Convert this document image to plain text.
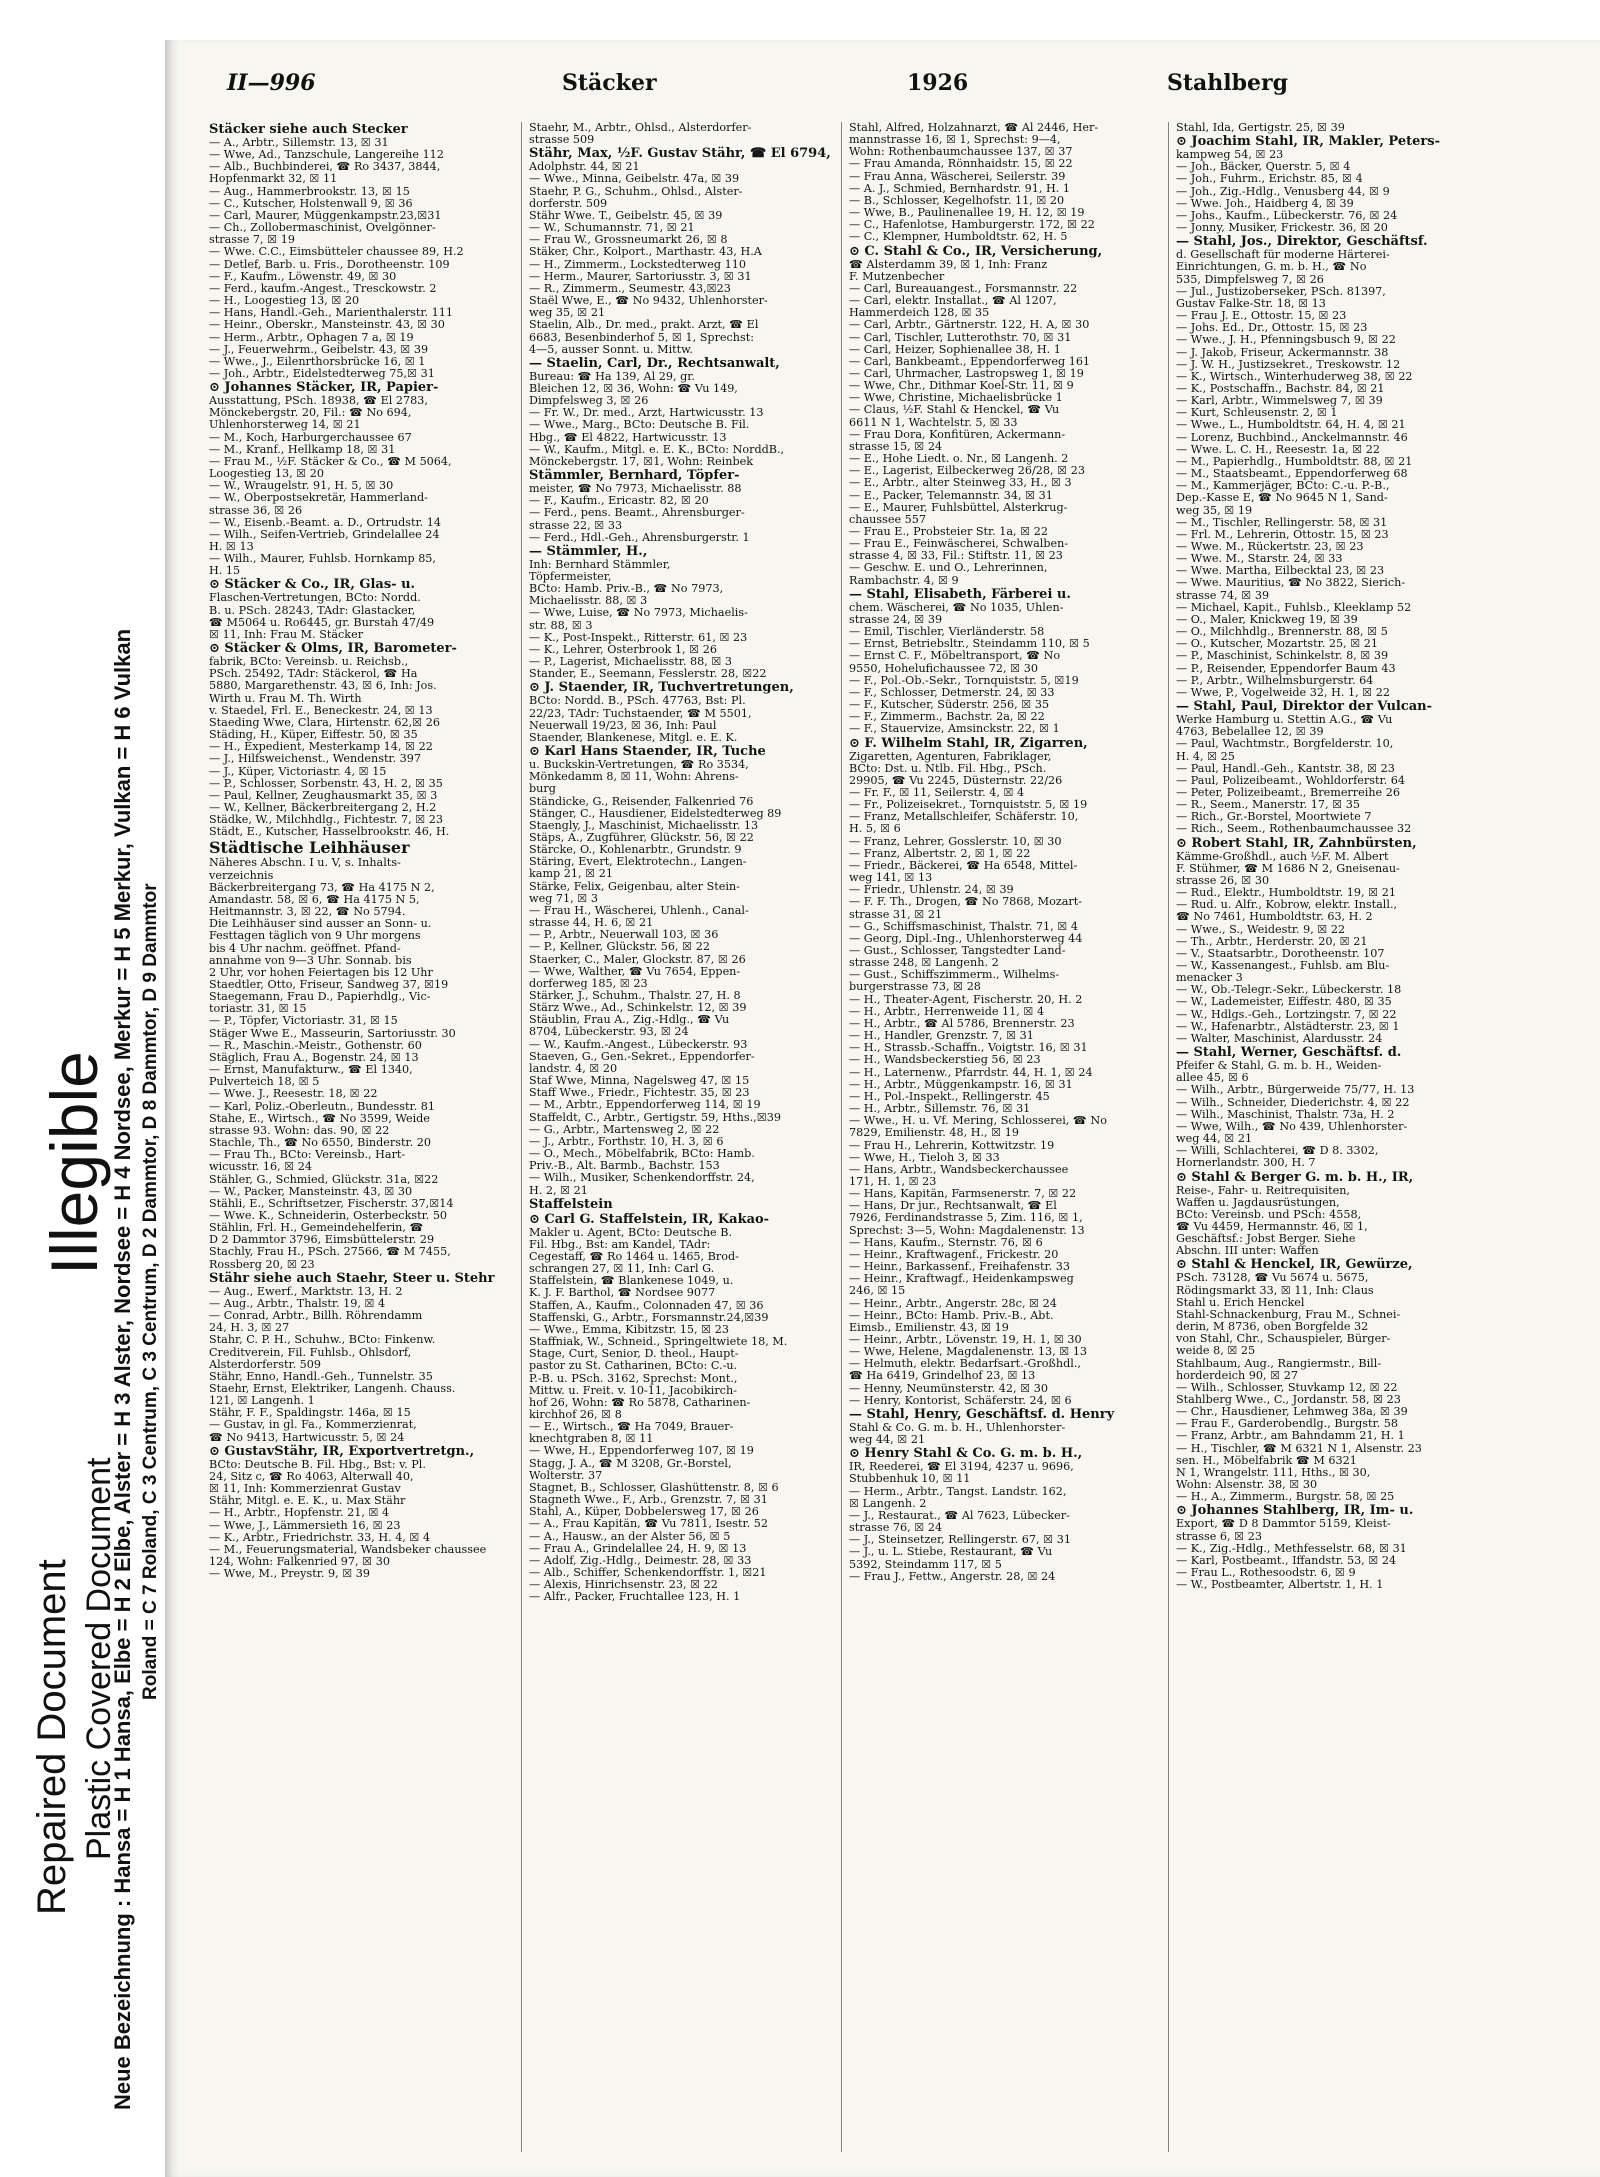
Repaired Document Plastic Covered Document
Illegible Neue Bezeichnung : Hansa = H 1 Hansa, Elbe = H 2 Elbe, Alster = H 3 Alster, Nordsee = H 4 Nordsee, Merkur = H 5 Merkur, Vulkan = H 6 Vulkan Roland = C 7 Roland, C 3 Centrum, C 3 Centrum, D 2 Dammtor, D 8 Dammtor, D 9 Dammtor
II—996	Stäcker	1926	Stahlberg
Stäcker siehe auch Stecker
— A., Arbtr., Sillemstr. 13, ☒ 31
— Wwe, Ad., Tanzschule, Langereihe 112
— Alb., Buchbinderei, ☎ Ro 3437, 3844,
Hopfenmarkt 32, ☒ 11
— Aug., Hammerbrookstr. 13, ☒ 15
— C., Kutscher, Holstenwall 9, ☒ 36
— Carl, Maurer, Müggenkampstr.23,☒31
— Ch., Zollobermaschinist, Ovelgönner-
strasse 7, ☒ 19
— Wwe. C.C., Eimsbütteler chaussee 89, H.2
— Detlef, Barb. u. Fris., Dorotheenstr. 109
— F., Kaufm., Löwenstr. 49, ☒ 30
— Ferd., kaufm.-Angest., Tresckowstr. 2
— H., Loogestieg 13, ☒ 20
— Hans, Handl.-Geh., Marienthalerstr. 111
— Heinr., Oberskr., Mansteinstr. 43, ☒ 30
— Herm., Arbtr., Ophagen 7 a, ☒ 19
— J., Feuerwehrm., Geibelstr. 43, ☒ 39
— Wwe., J., Eilenrthorsbrücke 16, ☒ 1
— Joh., Arbtr., Eidelstedterweg 75,☒ 31
⊙ Johannes Stäcker, IR, Papier-
Ausstattung, PSch. 18938, ☎ El 2783,
Mönckebergstr. 20, Fil.: ☎ No 694,
Uhlenhorsterweg 14, ☒ 21
— M., Koch, Harburgerchaussee 67
— M., Kranf., Hellkamp 18, ☒ 31
— Frau M., ½F. Stäcker & Co., ☎ M 5064,
Loogestieg 13, ☒ 20
— W., Wraugelstr. 91, H. 5, ☒ 30
— W., Oberpostsekretär, Hammerland-
strasse 36, ☒ 26
— W., Eisenb.-Beamt. a. D., Ortrudstr. 14
— Wilh., Seifen-Vertrieb, Grindelallee 24
H. ☒ 13
— Wilh., Maurer, Fuhlsb. Hornkamp 85,
H. 15
⊙ Stäcker & Co., IR, Glas- u.
Flaschen-Vertretungen, BCto: Nordd.
B. u. PSch. 28243, TAdr: Glastacker,
☎ M5064 u. Ro6445, gr. Burstah 47/49
☒ 11, Inh: Frau M. Stäcker
⊙ Stäcker & Olms, IR, Barometer-
fabrik, BCto: Vereinsb. u. Reichsb.,
PSch. 25492, TAdr: Stäckerol, ☎ Ha
5880, Margarethenstr. 43, ☒ 6, Inh: Jos.
Wirth u. Frau M. Th. Wirth
v. Staedel, Frl. E., Beneckestr. 24, ☒ 13
Staeding Wwe, Clara, Hirtenstr. 62,☒ 26
Städing, H., Küper, Eiffestr. 50, ☒ 35
— H., Expedient, Mesterkamp 14, ☒ 22
— J., Hilfsweichenst., Wendenstr. 397
— J., Küper, Victoriastr. 4, ☒ 15
— P., Schlosser, Sorbenstr. 43, H. 2, ☒ 35
— Paul, Kellner, Zeughausmarkt 35, ☒ 3
— W., Kellner, Bäckerbreitergang 2, H.2
Städke, W., Milchhdlg., Fichtestr. 7, ☒ 23
Städt, E., Kutscher, Hasselbrookstr. 46, H.
Städtische Leihhäuser
Näheres Abschn. I u. V, s. Inhalts-
verzeichnis
Bäckerbreitergang 73, ☎ Ha 4175 N 2,
Amandastr. 58, ☒ 6, ☎ Ha 4175 N 5,
Heitmannstr. 3, ☒ 22, ☎ No 5794.
Die Leihhäuser sind ausser an Sonn- u.
Festtagen täglich von 9 Uhr morgens
bis 4 Uhr nachm. geöffnet. Pfand-
annahme von 9—3 Uhr. Sonnab. bis
2 Uhr, vor hohen Feiertagen bis 12 Uhr
Staedtler, Otto, Friseur, Sandweg 37, ☒19
Staegemann, Frau D., Papierhdlg., Vic-
toriastr. 31, ☒ 15
— P., Töpfer, Victoriastr. 31, ☒ 15
Stäger Wwe E., Masseurin, Sartoriusstr. 30
— R., Maschin.-Meistr., Gothenstr. 60
Stäglich, Frau A., Bogenstr. 24, ☒ 13
— Ernst, Manufakturw., ☎ El 1340,
Pulverteich 18, ☒ 5
— Wwe. J., Reesestr. 18, ☒ 22
— Karl, Poliz.-Oberleutn., Bundesstr. 81
Stahe, E., Wirtsch., ☎ No 3599, Weide
strasse 93. Wohn: das. 90, ☒ 22
Stachle, Th., ☎ No 6550, Binderstr. 20
— Frau Th., BCto: Vereinsb., Hart-
wicusstr. 16, ☒ 24
Stähler, G., Schmied, Glückstr. 31a, ☒22
— W., Packer, Mansteinstr. 43, ☒ 30
Stähli, E., Schriftsetzer, Fischerstr. 37,☒14
— Wwe. K., Schneiderin, Osterbeckstr. 50
Stählin, Frl. H., Gemeindehelferin, ☎
D 2 Dammtor 3796, Eimsbüttelerstr. 29
Stachly, Frau H., PSch. 27566, ☎ M 7455,
Rossberg 20, ☒ 23
Stähr siehe auch Staehr, Steer u. Stehr
— Aug., Ewerf., Marktstr. 13, H. 2
— Aug., Arbtr., Thalstr. 19, ☒ 4
— Conrad, Arbtr., Billh. Röhrendamm
24, H. 3, ☒ 27
Stahr, C. P. H., Schuhw., BCto: Finkenw.
Creditverein, Fil. Fuhlsb., Ohlsdorf,
Alsterdorferstr. 509
Stähr, Enno, Handl.-Geh., Tunnelstr. 35
Staehr, Ernst, Elektriker, Langenh. Chauss.
121, ☒ Langenh. 1
Stähr, F. F., Spaldingstr. 146a, ☒ 15
— Gustav, in gl. Fa., Kommerzienrat,
☎ No 9413, Hartwicusstr. 5, ☒ 24
⊙ GustavStähr, IR, Exportvertretgn.,
BCto: Deutsche B. Fil. Hbg., Bst: v. Pl.
24, Sitz c, ☎ Ro 4063, Alterwall 40,
☒ 11, Inh: Kommerzienrat Gustav
Stähr, Mitgl. e. E. K., u. Max Stähr
— H., Arbtr., Hopfenstr. 21, ☒ 4
— Wwe, J., Lämmersieth 16, ☒ 23
— K., Arbtr., Friedrichstr. 33, H. 4, ☒ 4
— M., Feuerungsmaterial, Wandsbeker chaussee
124, Wohn: Falkenried 97, ☒ 30
— Wwe, M., Preystr. 9, ☒ 39
Staehr, M., Arbtr., Ohlsd., Alsterdorfer-
strasse 509
Stähr, Max, ½F. Gustav Stähr, ☎ El 6794,
Adolphstr. 44, ☒ 21
— Wwe., Minna, Geibelstr. 47a, ☒ 39
Staehr, P. G., Schuhm., Ohlsd., Alster-
dorferstr. 509
Stähr Wwe. T., Geibelstr. 45, ☒ 39
— W., Schumannstr. 71, ☒ 21
— Frau W., Grossneumarkt 26, ☒ 8
Stäker, Chr., Kolport., Marthastr. 43, H.A
— H., Zimmerm., Lockstedterweg 110
— Herm., Maurer, Sartoriusstr. 3, ☒ 31
— R., Zimmerm., Seumestr. 43,☒23
Staël Wwe, E., ☎ No 9432, Uhlenhorster-
weg 35, ☒ 21
Staelin, Alb., Dr. med., prakt. Arzt, ☎ El
6683, Besenbinderhof 5, ☒ 1, Sprechst:
4—5, ausser Sonnt. u. Mittw.
— Staelin, Carl, Dr., Rechtsanwalt,
Bureau: ☎ Ha 139, Al 29, gr.
Bleichen 12, ☒ 36, Wohn: ☎ Vu 149,
Dimpfelsweg 3, ☒ 26
— Fr. W., Dr. med., Arzt, Hartwicusstr. 13
— Wwe., Marg., BCto: Deutsche B. Fil.
Hbg., ☎ El 4822, Hartwicusstr. 13
— W., Kaufm., Mitgl. e. E. K., BCto: NorddB.,
Mönckebergstr. 17, ☒1, Wohn: Reinbek
Stämmler, Bernhard, Töpfer-
meister, ☎ No 7973, Michaelisstr. 88
— F., Kaufm., Ericastr. 82, ☒ 20
— Ferd., pens. Beamt., Ahrensburger-
strasse 22, ☒ 33
— Ferd., Hdl.-Geh., Ahrensburgerstr. 1
— Stämmler, H.,
Inh: Bernhard Stämmler,
Töpfermeister,
BCto: Hamb. Priv.-B., ☎ No 7973,
Michaelisstr. 88, ☒ 3
— Wwe, Luise, ☎ No 7973, Michaelis-
str. 88, ☒ 3
— K., Post-Inspekt., Ritterstr. 61, ☒ 23
— K., Lehrer, Osterbrook 1, ☒ 26
— P., Lagerist, Michaelisstr. 88, ☒ 3
Stander, E., Seemann, Fesslerstr. 28, ☒22
⊙ J. Staender, IR, Tuchvertretungen,
BCto: Nordd. B., PSch. 47763, Bst: Pl.
22/23, TAdr: Tuchstaender, ☎ M 5501,
Neuerwall 19/23, ☒ 36, Inh: Paul
Staender, Blankenese, Mitgl. e. E. K.
⊙ Karl Hans Staender, IR, Tuche
u. Buckskin-Vertretungen, ☎ Ro 3534,
Mönkedamm 8, ☒ 11, Wohn: Ahrens-
burg
Ständicke, G., Reisender, Falkenried 76
Stänger, C., Hausdiener, Eidelstedterweg 89
Staengly, J., Maschinist, Michaelisstr. 13
Stäps, A., Zugführer, Glückstr. 56, ☒ 22
Stärcke, O., Kohlenarbtr., Grundstr. 9
Stäring, Evert, Elektrotechn., Langen-
kamp 21, ☒ 21
Stärke, Felix, Geigenbau, alter Stein-
weg 71, ☒ 3
— Frau H., Wäscherei, Uhlenh., Canal-
strasse 44, H. 6, ☒ 21
— P., Arbtr., Neuerwall 103, ☒ 36
— P., Kellner, Glückstr. 56, ☒ 22
Staerker, C., Maler, Glockstr. 87, ☒ 26
— Wwe, Walther, ☎ Vu 7654, Eppen-
dorferweg 185, ☒ 23
Stärker, J., Schuhm., Thalstr. 27, H. 8
Stärz Wwe., Ad., Schinkelstr. 12, ☒ 39
Stäublin, Frau A., Zig.-Hdlg., ☎ Vu
8704, Lübeckerstr. 93, ☒ 24
— W., Kaufm.-Angest., Lübeckerstr. 93
Staeven, G., Gen.-Sekret., Eppendorfer-
landstr. 4, ☒ 20
Staf Wwe, Minna, Nagelsweg 47, ☒ 15
Staff Wwe., Friedr., Fichtestr. 35, ☒ 23
— M., Arbtr., Eppendorferweg 114, ☒ 19
Staffeldt, C., Arbtr., Gertigstr. 59, Hths.,☒39
— G., Arbtr., Martensweg 2, ☒ 22
— J., Arbtr., Forthstr. 10, H. 3, ☒ 6
— O., Mech., Möbelfabrik, BCto: Hamb.
Priv.-B., Alt. Barmb., Bachstr. 153
— Wilh., Musiker, Schenkendorffstr. 24,
H. 2, ☒ 21
Staffelstein
⊙ Carl G. Staffelstein, IR, Kakao-
Makler u. Agent, BCto: Deutsche B.
Fil. Hbg., Bst: am Kandel, TAdr:
Cegestaff, ☎ Ro 1464 u. 1465, Brod-
schrangen 27, ☒ 11, Inh: Carl G.
Staffelstein, ☎ Blankenese 1049, u.
K. J. F. Barthol, ☎ Nordsee 9077
Staffen, A., Kaufm., Colonnaden 47, ☒ 36
Staffenski, G., Arbtr., Forsmannstr.24,☒39
— Wwe., Emma, Kibitzstr. 15, ☒ 23
Staffniak, W., Schneid., Springeltwiete 18, M.
Stage, Curt, Senior, D. theol., Haupt-
pastor zu St. Catharinen, BCto: C.-u.
P.-B. u. PSch. 3162, Sprechst: Mont.,
Mittw. u. Freit. v. 10-11, Jacobikirch-
hof 26, Wohn: ☎ Ro 5878, Catharinen-
kirchhof 26, ☒ 8
— E., Wirtsch., ☎ Ha 7049, Brauer-
knechtgraben 8, ☒ 11
— Wwe, H., Eppendorferweg 107, ☒ 19
Stagg, J. A., ☎ M 3208, Gr.-Borstel,
Wolterstr. 37
Stagnet, B., Schlosser, Glashüttenstr. 8, ☒ 6
Stagneth Wwe., F., Arb., Grenzstr. 7, ☒ 31
Stahl, A., Küper, Dobbelersweg 17, ☒ 26
— A., Frau Kapitän, ☎ Vu 7811, Isestr. 52
— A., Hausw., an der Alster 56, ☒ 5
— Frau A., Grindelallee 24, H. 9, ☒ 13
— Adolf, Zig.-Hdlg., Deimestr. 28, ☒ 33
— Alb., Schiffer, Schenkendorffstr. 1, ☒21
— Alexis, Hinrichsenstr. 23, ☒ 22
— Alfr., Packer, Fruchtallee 123, H. 1
Stahl, Alfred, Holzahnarzt, ☎ Al 2446, Her-
mannstrasse 16, ☒ 1, Sprechst: 9—4,
Wohn: Rothenbaumchaussee 137, ☒ 37
— Frau Amanda, Rönnhaidstr. 15, ☒ 22
— Frau Anna, Wäscherei, Seilerstr. 39
— A. J., Schmied, Bernhardstr. 91, H. 1
— B., Schlosser, Kegelhofstr. 11, ☒ 20
— Wwe, B., Paulinenallee 19, H. 12, ☒ 19
— C., Hafenlotse, Hamburgerstr. 172, ☒ 22
— C., Klempner, Humboldtstr. 62, H. 5
⊙ C. Stahl & Co., IR, Versicherung,
☎ Alsterdamm 39, ☒ 1, Inh: Franz
F. Mutzenbecher
— Carl, Bureauangest., Forsmannstr. 22
— Carl, elektr. Installat., ☎ Al 1207,
Hammerdeich 128, ☒ 35
— Carl, Arbtr., Gärtnerstr. 122, H. A, ☒ 30
— Carl, Tischler, Lutterothstr. 70, ☒ 31
— Carl, Heizer, Sophienallee 38, H. 1
— Carl, Bankbeamt., Eppendorferweg 161
— Carl, Uhrmacher, Lastropsweg 1, ☒ 19
— Wwe, Chr., Dithmar Koel-Str. 11, ☒ 9
— Wwe, Christine, Michaelisbrücke 1
— Claus, ½F. Stahl & Henckel, ☎ Vu
6611 N 1, Wachtelstr. 5, ☒ 33
— Frau Dora, Konfitüren, Ackermann-
strasse 15, ☒ 24
— E., Hohe Liedt. o. Nr., ☒ Langenh. 2
— E., Lagerist, Eilbeckerweg 26/28, ☒ 23
— E., Arbtr., alter Steinweg 33, H., ☒ 3
— E., Packer, Telemannstr. 34, ☒ 31
— E., Maurer, Fuhlsbüttel, Alsterkrug-
chaussee 557
— Frau E., Probsteier Str. 1a, ☒ 22
— Frau E., Feinwäscherei, Schwalben-
strasse 4, ☒ 33, Fil.: Stiftstr. 11, ☒ 23
— Geschw. E. und O., Lehrerinnen,
Rambachstr. 4, ☒ 9
— Stahl, Elisabeth, Färberei u.
chem. Wäscherei, ☎ No 1035, Uhlen-
strasse 24, ☒ 39
— Emil, Tischler, Vierländerstr. 58
— Ernst, Betriebsltr., Steindamm 110, ☒ 5
— Ernst C. F., Möbeltransport, ☎ No
9550, Hohelufichaussee 72, ☒ 30
— F., Pol.-Ob.-Sekr., Tornquiststr. 5, ☒19
— F., Schlosser, Detmerstr. 24, ☒ 33
— F., Kutscher, Süderstr. 256, ☒ 35
— F., Zimmerm., Bachstr. 2a, ☒ 22
— F., Stauervize, Amsinckstr. 22, ☒ 1
⊙ F. Wilhelm Stahl, IR, Zigarren,
Zigaretten, Agenturen, Fabriklager,
BCto: Dst. u. Ntlb. Fil. Hbg., PSch.
29905, ☎ Vu 2245, Düsternstr. 22/26
— Fr. F., ☒ 11, Seilerstr. 4, ☒ 4
— Fr., Polizeisekret., Tornquiststr. 5, ☒ 19
— Franz, Metallschleifer, Schäferstr. 10,
H. 5, ☒ 6
— Franz, Lehrer, Gosslerstr. 10, ☒ 30
— Franz, Albertstr. 2, ☒ 1, ☒ 22
— Friedr., Bäckerei, ☎ Ha 6548, Mittel-
weg 141, ☒ 13
— Friedr., Uhlenstr. 24, ☒ 39
— F. F. Th., Drogen, ☎ No 7868, Mozart-
strasse 31, ☒ 21
— G., Schiffsmaschinist, Thalstr. 71, ☒ 4
— Georg, Dipl.-Ing., Uhlenhorsterweg 44
— Gust., Schlosser, Tangstedter Land-
strasse 248, ☒ Langenh. 2
— Gust., Schiffszimmerm., Wilhelms-
burgerstrasse 73, ☒ 28
— H., Theater-Agent, Fischerstr. 20, H. 2
— H., Arbtr., Herrenweide 11, ☒ 4
— H., Arbtr., ☎ Al 5786, Brennerstr. 23
— H., Handler, Grenzstr. 7, ☒ 31
— H., Strassb.-Schaffn., Voigtstr. 16, ☒ 31
— H., Wandsbeckerstieg 56, ☒ 23
— H., Laternenw., Pfarrdstr. 44, H. 1, ☒ 24
— H., Arbtr., Müggenkampstr. 16, ☒ 31
— H., Pol.-Inspekt., Rellingerstr. 45
— H., Arbtr., Sillemstr. 76, ☒ 31
— Wwe., H. u. Vf. Mering, Schlosserei, ☎ No
7829, Emilienstr. 48, H., ☒ 19
— Frau H., Lehrerin, Kottwitzstr. 19
— Wwe, H., Tieloh 3, ☒ 33
— Hans, Arbtr., Wandsbeckerchaussee
171, H. 1, ☒ 23
— Hans, Kapitän, Farmsenerstr. 7, ☒ 22
— Hans, Dr jur., Rechtsanwalt, ☎ El
7926, Ferdinandstrasse 5, Zim. 116, ☒ 1,
Sprechst: 3—5, Wohn: Magdalenenstr. 13
— Hans, Kaufm., Sternstr. 76, ☒ 6
— Heinr., Kraftwagenf., Frickestr. 20
— Heinr., Barkassenf., Freihafenstr. 33
— Heinr., Kraftwagf., Heidenkampsweg
246, ☒ 15
— Heinr., Arbtr., Angerstr. 28c, ☒ 24
— Heinr., BCto: Hamb. Priv.-B., Abt.
Eimsb., Emilienstr. 43, ☒ 19
— Heinr., Arbtr., Lövenstr. 19, H. 1, ☒ 30
— Wwe, Helene, Magdalenenstr. 13, ☒ 13
— Helmuth, elektr. Bedarfsart.-Großhdl.,
☎ Ha 6419, Grindelhof 23, ☒ 13
— Henny, Neumünsterstr. 42, ☒ 30
— Henry, Kontorist, Schäferstr. 24, ☒ 6
— Stahl, Henry, Geschäftsf. d. Henry
Stahl & Co. G. m. b. H., Uhlenhorster-
weg 44, ☒ 21
⊙ Henry Stahl & Co. G. m. b. H.,
IR, Reederei, ☎ El 3194, 4237 u. 9696,
Stubbenhuk 10, ☒ 11
— Herm., Arbtr., Tangst. Landstr. 162,
☒ Langenh. 2
— J., Restaurat., ☎ Al 7623, Lübecker-
strasse 76, ☒ 24
— J., Steinsetzer, Rellingerstr. 67, ☒ 31
— J., u. L. Stiebe, Restaurant, ☎ Vu
5392, Steindamm 117, ☒ 5
— Frau J., Fettw., Angerstr. 28, ☒ 24
Stahl, Ida, Gertigstr. 25, ☒ 39
⊙ Joachim Stahl, IR, Makler, Peters-
kampweg 54, ☒ 23
— Joh., Bäcker, Querstr. 5, ☒ 4
— Joh., Fuhrm., Erichstr. 85, ☒ 4
— Joh., Zig.-Hdlg., Venusberg 44, ☒ 9
— Wwe. Joh., Haidberg 4, ☒ 39
— Johs., Kaufm., Lübeckerstr. 76, ☒ 24
— Jonny, Musiker, Frickestr. 36, ☒ 20
— Stahl, Jos., Direktor, Geschäftsf.
d. Gesellschaft für moderne Härterei-
Einrichtungen, G. m. b. H., ☎ No
535, Dimpfelsweg 7, ☒ 26
— Jul., Justizoberseker, PSch. 81397,
Gustav Falke-Str. 18, ☒ 13
— Frau J. E., Ottostr. 15, ☒ 23
— Johs. Ed., Dr., Ottostr. 15, ☒ 23
— Wwe., J. H., Pfenningsbusch 9, ☒ 22
— J. Jakob, Friseur, Ackermannstr. 38
— J. W. H., Justizsekret., Treskowstr. 12
— K., Wirtsch., Winterhuderweg 38, ☒ 22
— K., Postschaffn., Bachstr. 84, ☒ 21
— Karl, Arbtr., Wimmelsweg 7, ☒ 39
— Kurt, Schleusenstr. 2, ☒ 1
— Wwe., L., Humboldtstr. 64, H. 4, ☒ 21
— Lorenz, Buchbind., Anckelmannstr. 46
— Wwe. L. C. H., Reesestr. 1a, ☒ 22
— M., Papierhdlg., Humboldtstr. 88, ☒ 21
— M., Staatsbeamt., Eppendorferweg 68
— M., Kammerjäger, BCto: C.-u. P.-B.,
Dep.-Kasse E, ☎ No 9645 N 1, Sand-
weg 35, ☒ 19
— M., Tischler, Rellingerstr. 58, ☒ 31
— Frl. M., Lehrerin, Ottostr. 15, ☒ 23
— Wwe. M., Rückertstr. 23, ☒ 23
— Wwe. M., Starstr. 24, ☒ 33
— Wwe. Martha, Eilbecktal 23, ☒ 23
— Wwe. Mauritius, ☎ No 3822, Sierich-
strasse 74, ☒ 39
— Michael, Kapit., Fuhlsb., Kleeklamp 52
— O., Maler, Knickweg 19, ☒ 39
— O., Milchhdlg., Brennerstr. 88, ☒ 5
— O., Kutscher, Mozartstr. 25, ☒ 21
— P., Maschinist, Schinkelstr. 8, ☒ 39
— P., Reisender, Eppendorfer Baum 43
— P., Arbtr., Wilhelmsburgerstr. 64
— Wwe, P., Vogelweide 32, H. 1, ☒ 22
— Stahl, Paul, Direktor der Vulcan-
Werke Hamburg u. Stettin A.G., ☎ Vu
4763, Bebelallee 12, ☒ 39
— Paul, Wachtmstr., Borgfelderstr. 10,
H. 4, ☒ 25
— Paul, Handl.-Geh., Kantstr. 38, ☒ 23
— Paul, Polizeibeamt., Wohldorferstr. 64
— Peter, Polizeibeamt., Bremerreihe 26
— R., Seem., Manerstr. 17, ☒ 35
— Rich., Gr.-Borstel, Moortwiete 7
— Rich., Seem., Rothenbaumchaussee 32
⊙ Robert Stahl, IR, Zahnbürsten,
Kämme-Großhdl., auch ½F. M. Albert
F. Stühmer, ☎ M 1686 N 2, Gneisenau-
strasse 26, ☒ 30
— Rud., Elektr., Humboldtstr. 19, ☒ 21
— Rud. u. Alfr., Kobrow, elektr. Install.,
☎ No 7461, Humboldtstr. 63, H. 2
— Wwe., S., Weidestr. 9, ☒ 22
— Th., Arbtr., Herderstr. 20, ☒ 21
— V., Staatsarbtr., Dorotheenstr. 107
— W., Kassenangest., Fuhlsb. am Blu-
menacker 3
— W., Ob.-Telegr.-Sekr., Lübeckerstr. 18
— W., Lademeister, Eiffestr. 480, ☒ 35
— W., Hdlgs.-Geh., Lortzingstr. 7, ☒ 22
— W., Hafenarbtr., Alstädterstr. 23, ☒ 1
— Walter, Maschinist, Alardusstr. 24
— Stahl, Werner, Geschäftsf. d.
Pfeifer & Stahl, G. m. b. H., Weiden-
allee 45, ☒ 6
— Wilh., Arbtr., Bürgerweide 75/77, H. 13
— Wilh., Schneider, Diederichstr. 4, ☒ 22
— Wilh., Maschinist, Thalstr. 73a, H. 2
— Wwe, Wilh., ☎ No 439, Uhlenhorster-
weg 44, ☒ 21
— Willi, Schlachterei, ☎ D 8. 3302,
Hornerlandstr. 300, H. 7
⊙ Stahl & Berger G. m. b. H., IR,
Reise-, Fahr- u. Reitrequisiten,
Waffen u. Jagdausrüstungen,
BCto: Vereinsb. und PSch: 4558,
☎ Vu 4459, Hermannstr. 46, ☒ 1,
Geschäftsf.: Jobst Berger. Siehe
Abschn. III unter: Waffen
⊙ Stahl & Henckel, IR, Gewürze,
PSch. 73128, ☎ Vu 5674 u. 5675,
Rödingsmarkt 33, ☒ 11, Inh: Claus
Stahl u. Erich Henckel
Stahl-Schnackenburg, Frau M., Schnei-
derin, M 8736, oben Borgfelde 32
von Stahl, Chr., Schauspieler, Bürger-
weide 8, ☒ 25
Stahlbaum, Aug., Rangiermstr., Bill-
horderdeich 90, ☒ 27
— Wilh., Schlosser, Stuvkamp 12, ☒ 22
Stahlberg Wwe., C., Jordanstr. 58, ☒ 23
— Chr., Hausdiener, Lehmweg 38a, ☒ 39
— Frau F., Garderobendlg., Burgstr. 58
— Franz, Arbtr., am Bahndamm 21, H. 1
— H., Tischler, ☎ M 6321 N 1, Alsenstr. 23
sen. H., Möbelfabrik ☎ M 6321
N 1, Wrangelstr. 111, Hths., ☒ 30,
Wohn: Alsenstr. 38, ☒ 30
— H., A., Zimmerm., Burgstr. 58, ☒ 25
⊙ Johannes Stahlberg, IR, Im- u.
Export, ☎ D 8 Dammtor 5159, Kleist-
strasse 6, ☒ 23
— K., Zig.-Hdlg., Methfesselstr. 68, ☒ 31
— Karl, Postbeamt., Iffandstr. 53, ☒ 24
— Frau L., Rothesoodstr. 6, ☒ 9
— W., Postbeamter, Albertstr. 1, H. 1
